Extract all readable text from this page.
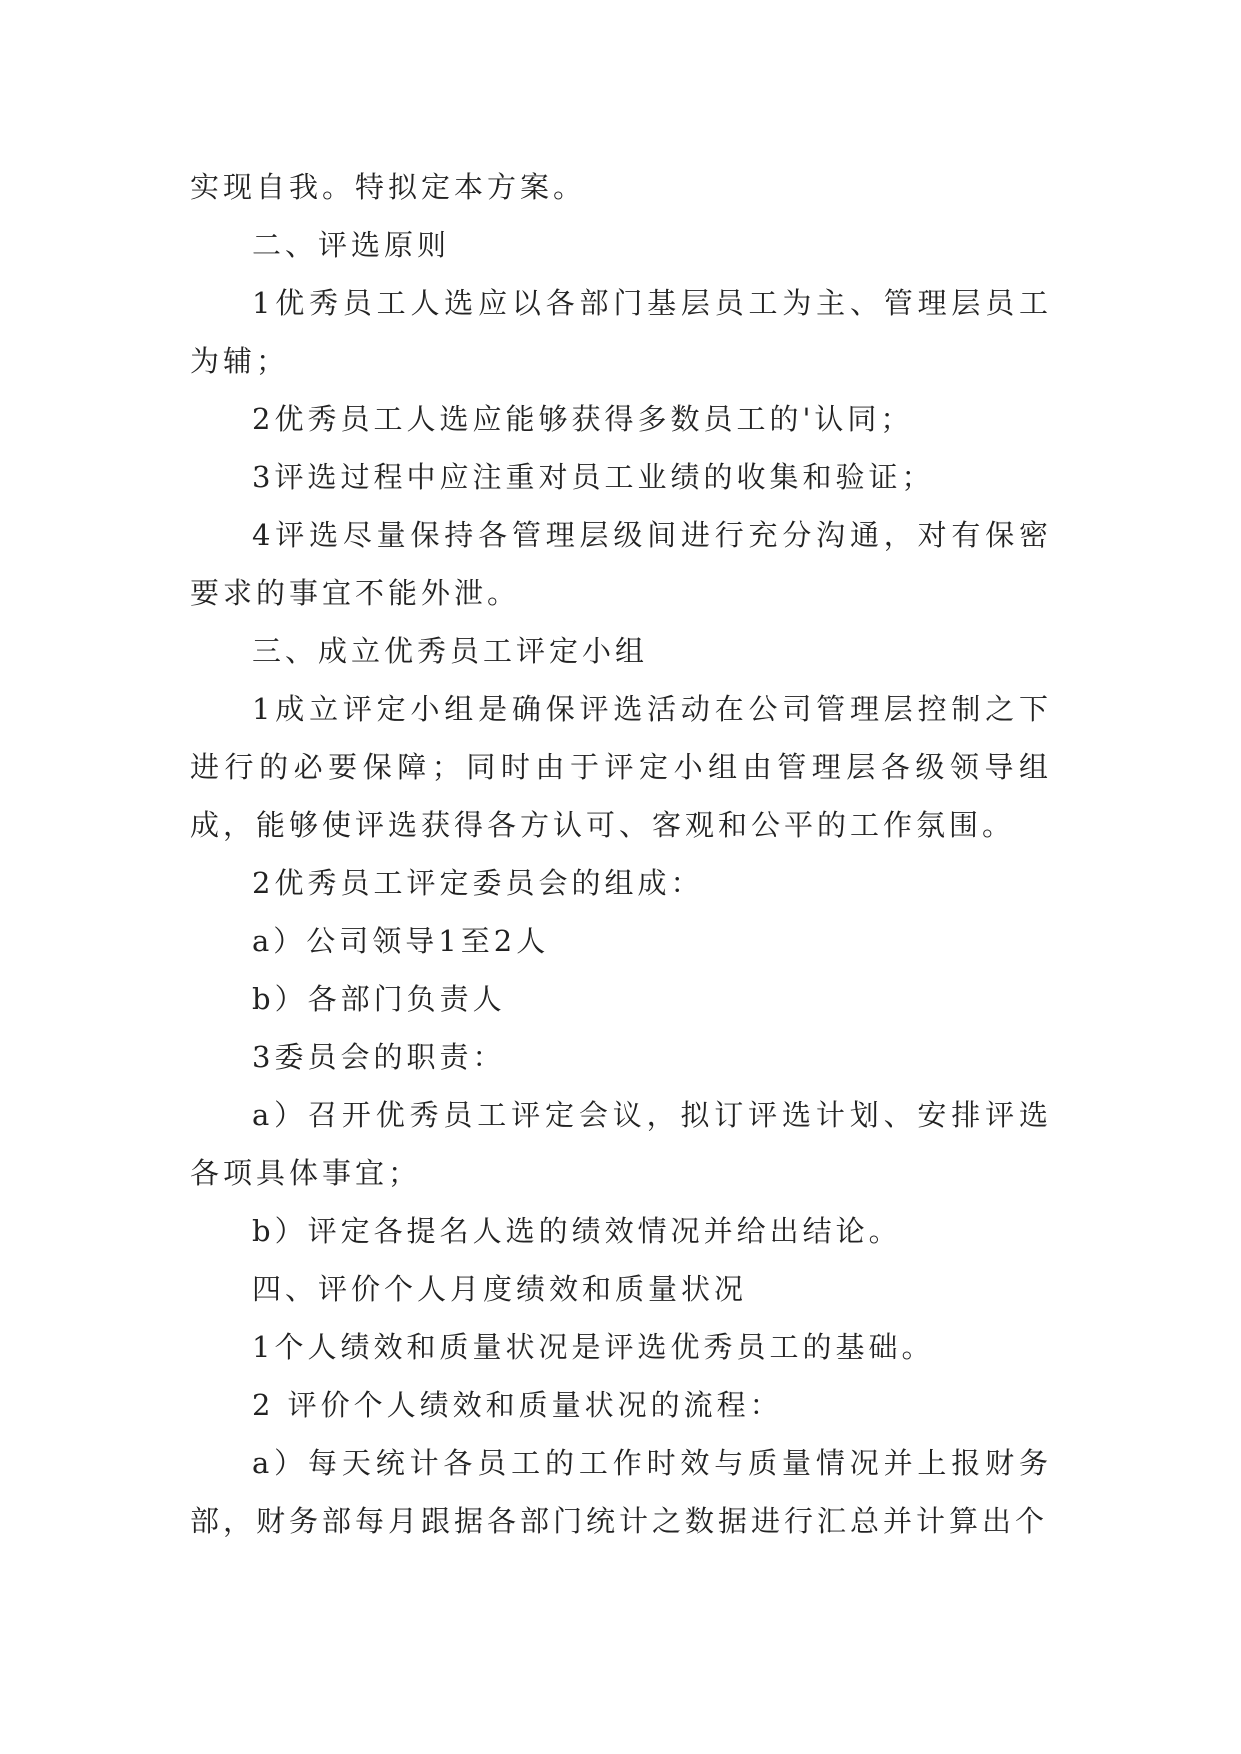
实现自我。特拟定本方案。

二、评选原则

1优秀员工人选应以各部门基层员工为主、管理层员工为辅；

2优秀员工人选应能够获得多数员工的'认同；

3评选过程中应注重对员工业绩的收集和验证；

4评选尽量保持各管理层级间进行充分沟通，对有保密要求的事宜不能外泄。

三、成立优秀员工评定小组

1成立评定小组是确保评选活动在公司管理层控制之下进行的必要保障；同时由于评定小组由管理层各级领导组成，能够使评选获得各方认可、客观和公平的工作氛围。

2优秀员工评定委员会的组成：

a）公司领导1至2人

b）各部门负责人

3委员会的职责：

a）召开优秀员工评定会议，拟订评选计划、安排评选各项具体事宜；

b）评定各提名人选的绩效情况并给出结论。

四、评价个人月度绩效和质量状况

1个人绩效和质量状况是评选优秀员工的基础。

2 评价个人绩效和质量状况的流程：

a）每天统计各员工的工作时效与质量情况并上报财务部，财务部每月跟据各部门统计之数据进行汇总并计算出个
